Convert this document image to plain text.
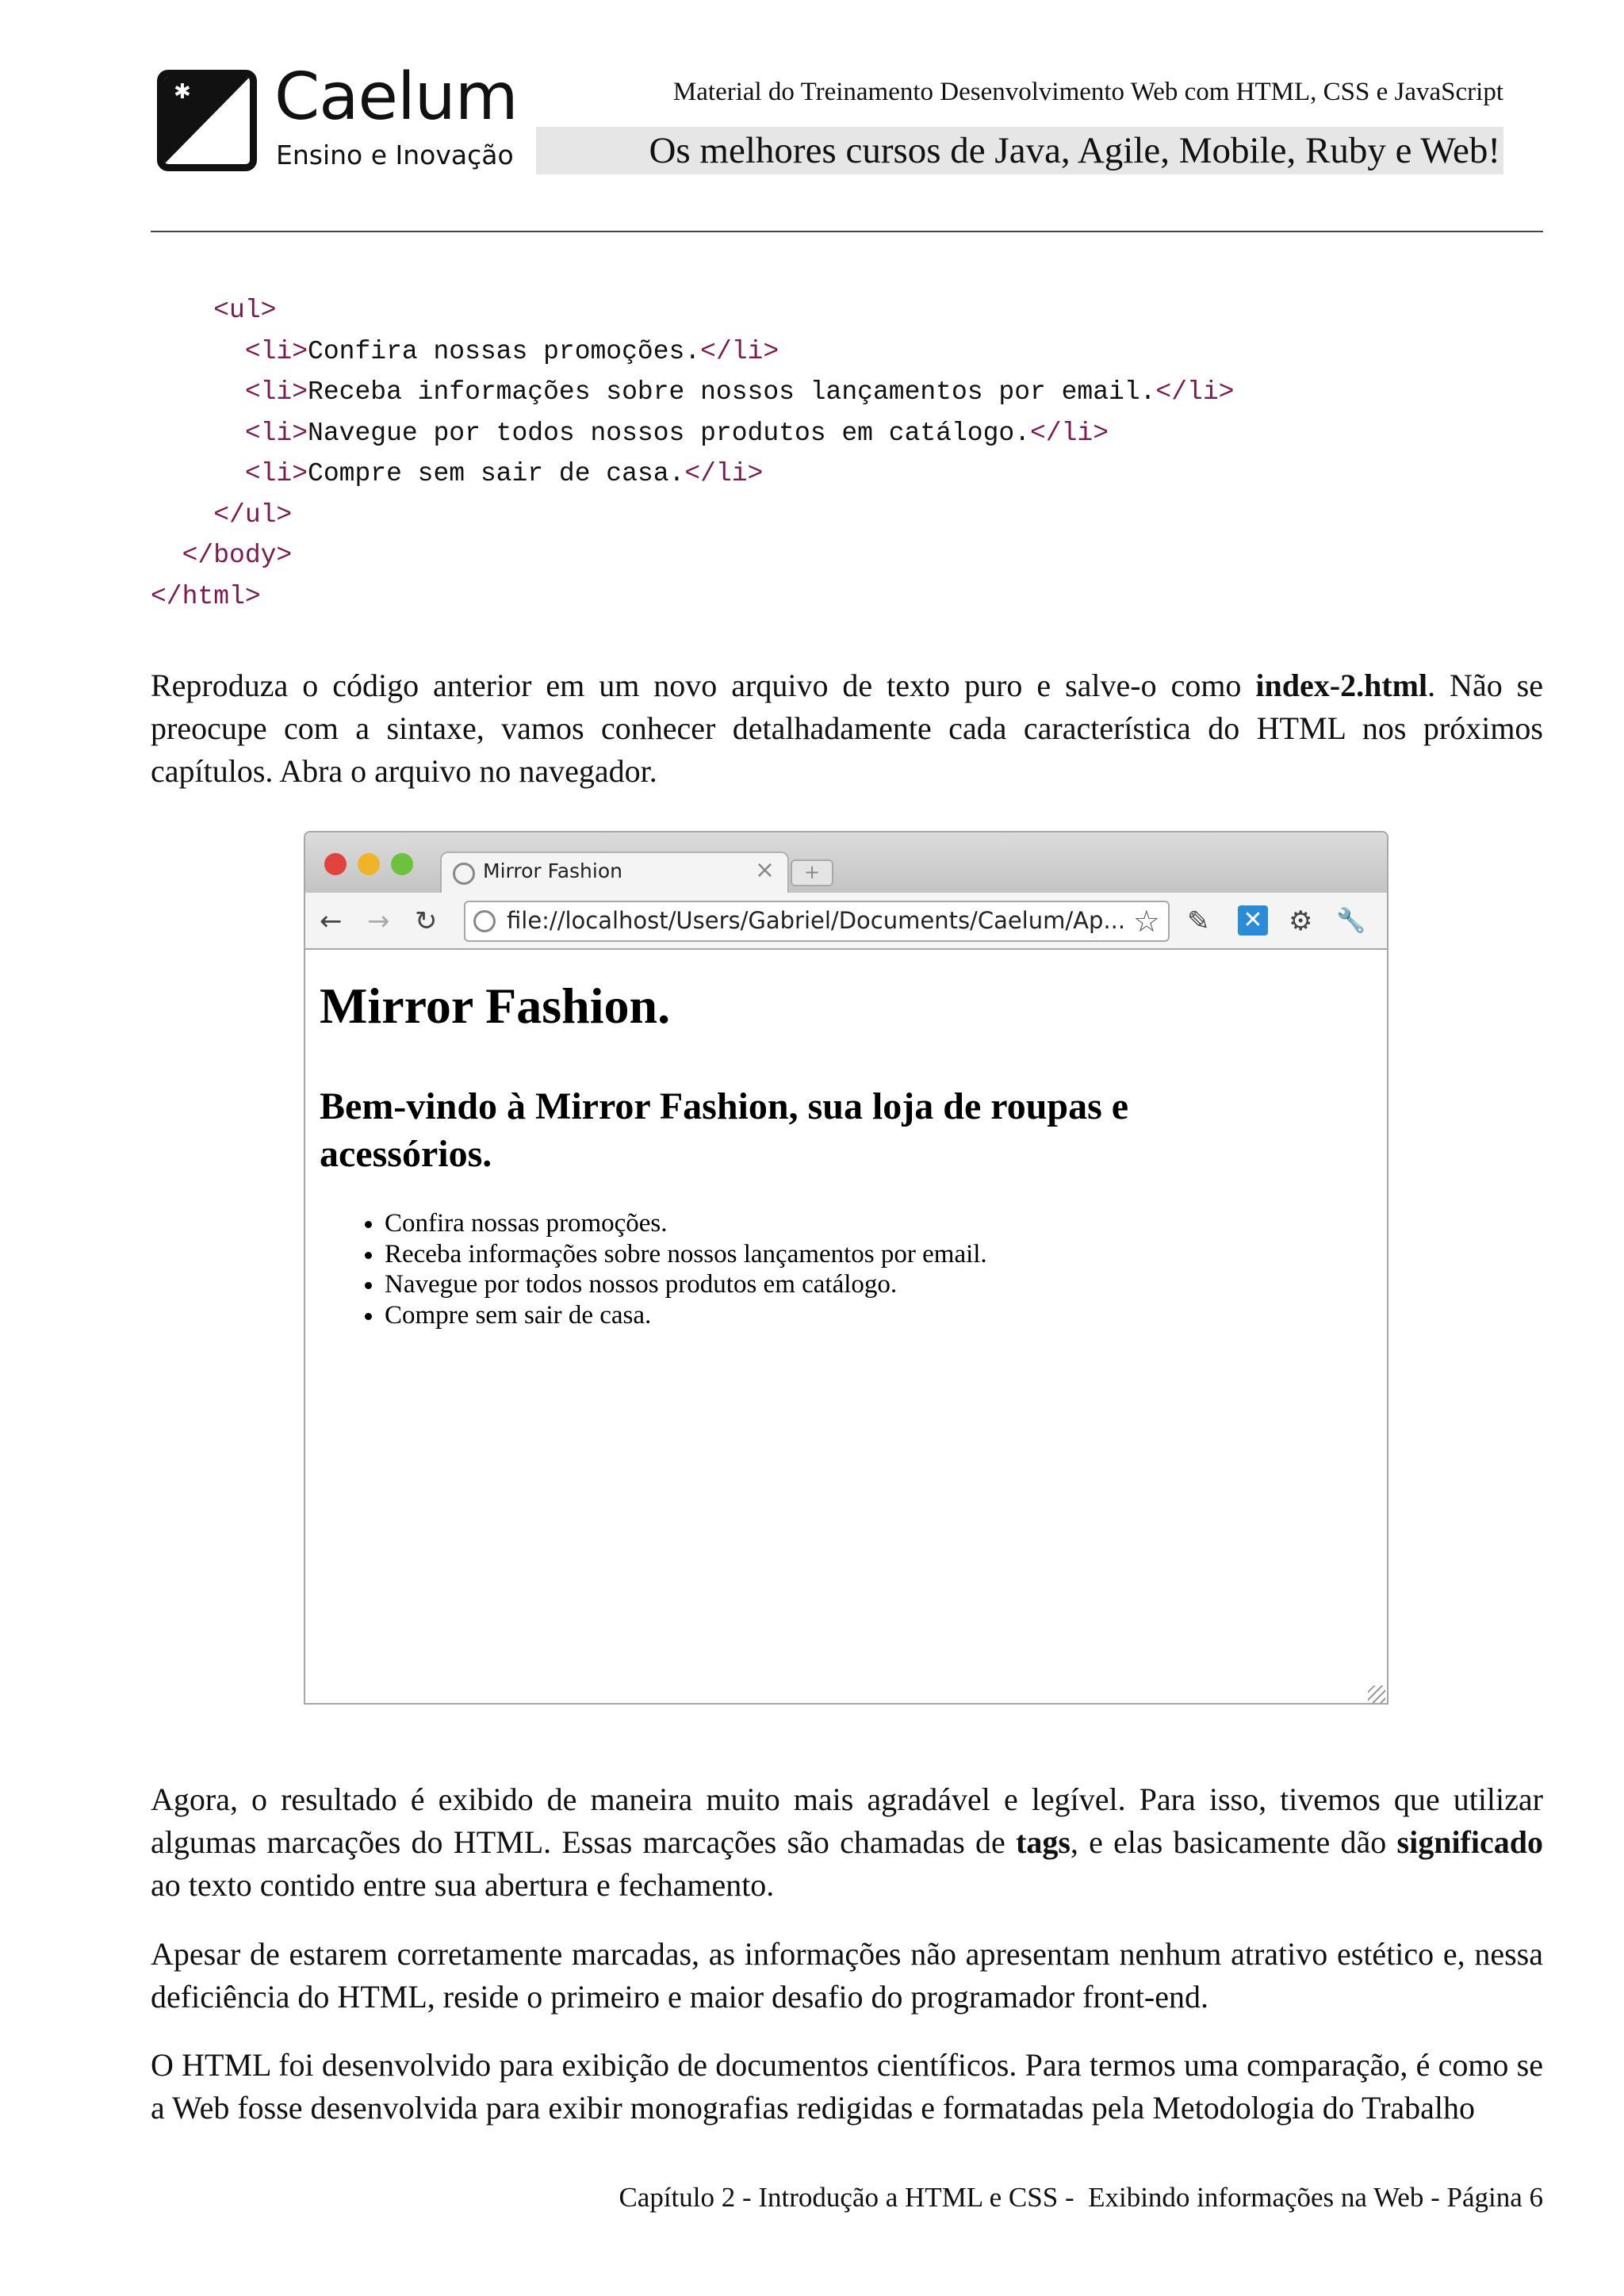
✱ Caelum
Ensino e Inovação
Material do Treinamento Desenvolvimento Web com HTML, CSS e JavaScript
Os melhores cursos de Java, Agile, Mobile, Ruby e Web!
<ul>
<li>Confira nossas promoções.</li>
<li>Receba informações sobre nossos lançamentos por email.</li>
<li>Navegue por todos nossos produtos em catálogo.</li>
<li>Compre sem sair de casa.</li>
</ul>
</body>
</html>

Reproduza o código anterior em um novo arquivo de texto puro e salve-o como index-2.html. Não se preocupe com a sintaxe, vamos conhecer detalhadamente cada característica do HTML nos próximos capítulos. Abra o arquivo no navegador.

Mirror Fashion	×	+
← → ↻	file://localhost/Users/Gabriel/Documents/Caelum/Ap... ☆ ✎ ✕ ⚙ 🔧
Mirror Fashion.
Bem-vindo à Mirror Fashion, sua loja de roupas e acessórios.
• Confira nossas promoções.
• Receba informações sobre nossos lançamentos por email.
• Navegue por todos nossos produtos em catálogo.
• Compre sem sair de casa.

Agora, o resultado é exibido de maneira muito mais agradável e legível. Para isso, tivemos que utilizar algumas marcações do HTML. Essas marcações são chamadas de tags, e elas basicamente dão significado ao texto contido entre sua abertura e fechamento.

Apesar de estarem corretamente marcadas, as informações não apresentam nenhum atrativo estético e, nessa deficiência do HTML, reside o primeiro e maior desafio do programador front-end.

O HTML foi desenvolvido para exibição de documentos científicos. Para termos uma comparação, é como se a Web fosse desenvolvida para exibir monografias redigidas e formatadas pela Metodologia do Trabalho

Capítulo 2 - Introdução a HTML e CSS -  Exibindo informações na Web - Página 6
